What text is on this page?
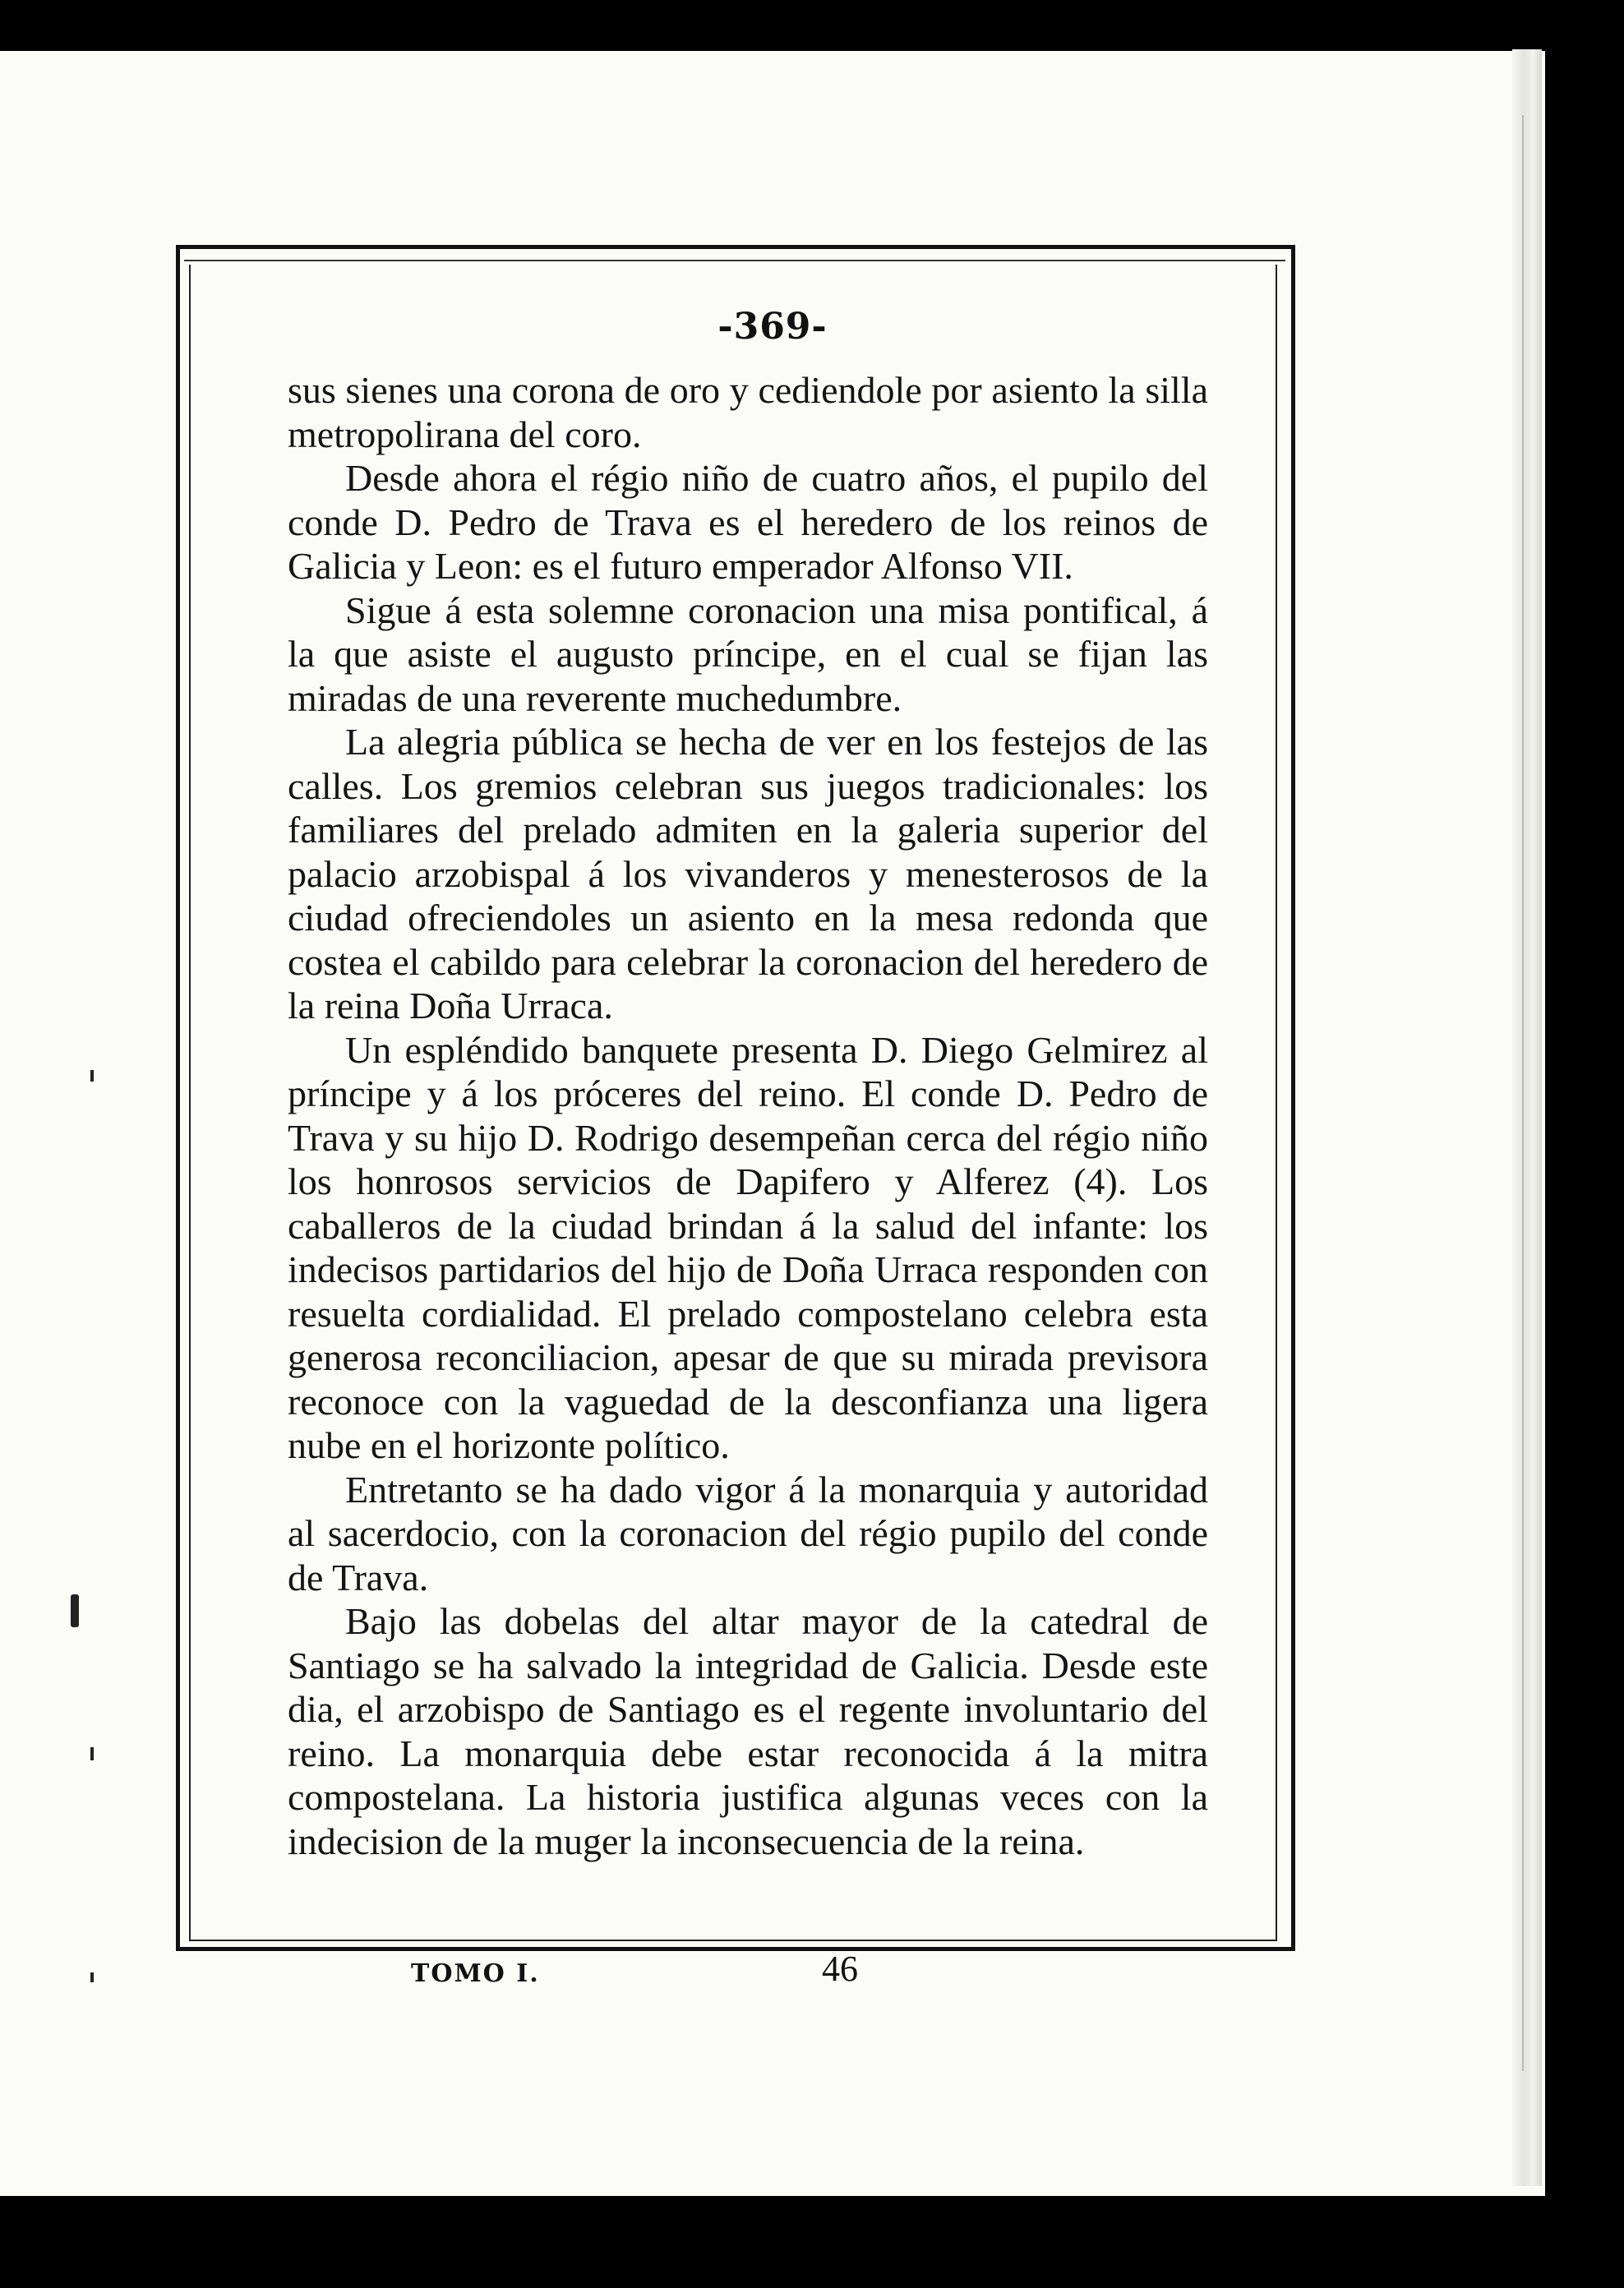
-369-

sus sienes una corona de oro y cediendole por asiento la silla metropolirana del coro.

Desde ahora el régio niño de cuatro años, el pupilo del conde D. Pedro de Trava es el heredero de los reinos de Galicia y Leon: es el futuro emperador Alfonso VII.

Sigue á esta solemne coronacion una misa pontifical, á la que asiste el augusto príncipe, en el cual se fijan las miradas de una reverente muchedumbre.

La alegria pública se hecha de ver en los festejos de las calles. Los gremios celebran sus juegos tradicionales: los familiares del prelado admiten en la galeria superior del palacio arzobispal á los vivanderos y menesterosos de la ciudad ofreciendoles un asiento en la mesa redonda que costea el cabildo para celebrar la coronacion del heredero de la reina Doña Urraca.

Un espléndido banquete presenta D. Diego Gelmirez al príncipe y á los próceres del reino. El conde D. Pedro de Trava y su hijo D. Rodrigo desempeñan cerca del régio niño los honrosos servicios de Dapifero y Alferez (4). Los caballeros de la ciudad brindan á la salud del infante: los indecisos partidarios del hijo de Doña Urraca responden con resuelta cordialidad. El prelado compostelano celebra esta generosa reconciliacion, apesar de que su mirada previsora reconoce con la vaguedad de la desconfianza una ligera nube en el horizonte político.

Entretanto se ha dado vigor á la monarquia y autoridad al sacerdocio, con la coronacion del régio pupilo del conde de Trava.

Bajo las dobelas del altar mayor de la catedral de Santiago se ha salvado la integridad de Galicia. Desde este dia, el arzobispo de Santiago es el regente involuntario del reino. La monarquia debe estar reconocida á la mitra compostelana. La historia justifica algunas veces con la indecision de la muger la inconsecuencia de la reina.

TOMO I.	46
